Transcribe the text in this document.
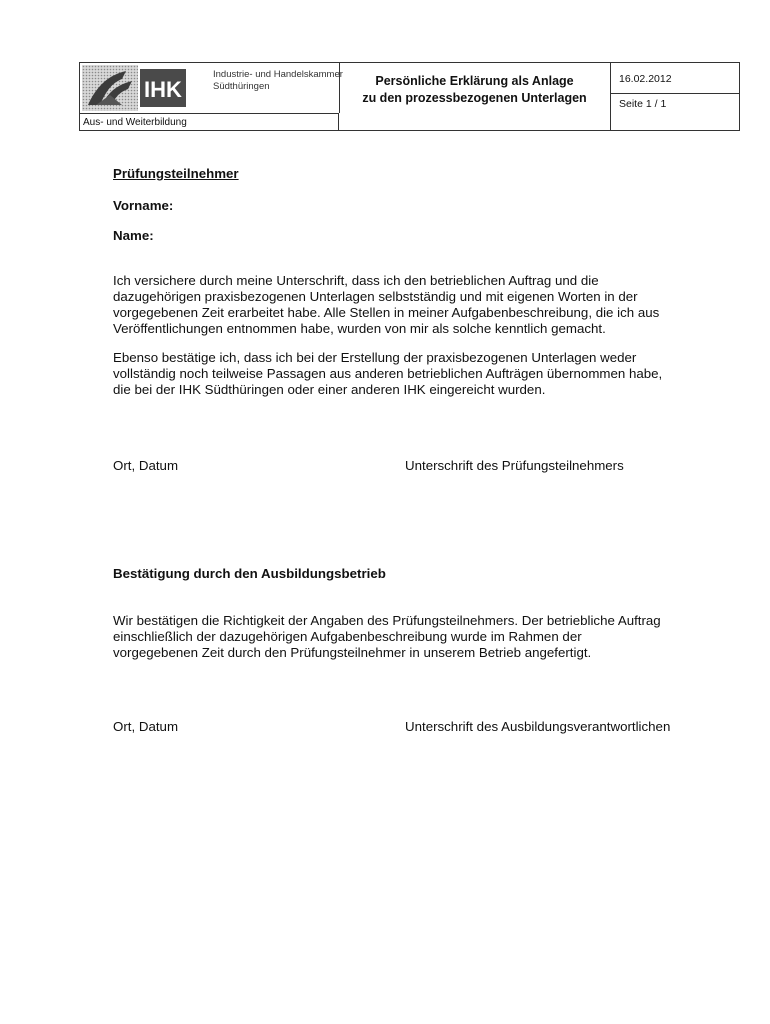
IHK
Industrie- und Handelskammer
Südthüringen
Aus- und Weiterbildung
Persönliche Erklärung als Anlage
zu den prozessbezogenen Unterlagen
16.02.2012
Seite 1 / 1
Prüfungsteilnehmer
Vorname:
Name:
Ich versichere durch meine Unterschrift, dass ich den betrieblichen Auftrag und die
dazugehörigen praxisbezogenen Unterlagen selbstständig und mit eigenen Worten in der
vorgegebenen Zeit erarbeitet habe. Alle Stellen in meiner Aufgabenbeschreibung, die ich aus
Veröffentlichungen entnommen habe, wurden von mir als solche kenntlich gemacht.
Ebenso bestätige ich, dass ich bei der Erstellung der praxisbezogenen Unterlagen weder
vollständig noch teilweise Passagen aus anderen betrieblichen Aufträgen übernommen habe,
die bei der IHK Südthüringen oder einer anderen IHK eingereicht wurden.
Ort, Datum	Unterschrift des Prüfungsteilnehmers
Bestätigung durch den Ausbildungsbetrieb
Wir bestätigen die Richtigkeit der Angaben des Prüfungsteilnehmers. Der betriebliche Auftrag
einschließlich der dazugehörigen Aufgabenbeschreibung wurde im Rahmen der
vorgegebenen Zeit durch den Prüfungsteilnehmer in unserem Betrieb angefertigt.
Ort, Datum	Unterschrift des Ausbildungsverantwortlichen
